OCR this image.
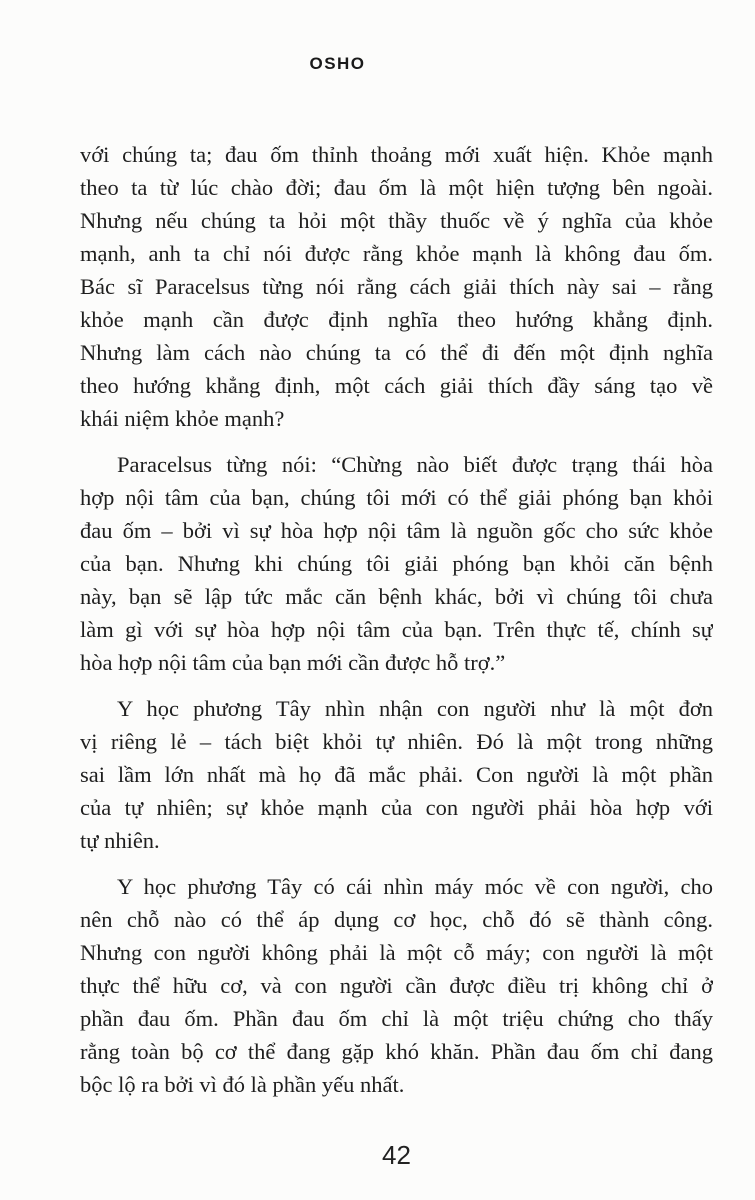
OSHO
với chúng ta; đau ốm thỉnh thoảng mới xuất hiện. Khỏe mạnh
theo ta từ lúc chào đời; đau ốm là một hiện tượng bên ngoài.
Nhưng nếu chúng ta hỏi một thầy thuốc về ý nghĩa của khỏe
mạnh, anh ta chỉ nói được rằng khỏe mạnh là không đau ốm.
Bác sĩ Paracelsus từng nói rằng cách giải thích này sai – rằng
khỏe mạnh cần được định nghĩa theo hướng khẳng định.
Nhưng làm cách nào chúng ta có thể đi đến một định nghĩa
theo hướng khẳng định, một cách giải thích đầy sáng tạo về
khái niệm khỏe mạnh?
Paracelsus từng nói: “Chừng nào biết được trạng thái hòa
hợp nội tâm của bạn, chúng tôi mới có thể giải phóng bạn khỏi
đau ốm – bởi vì sự hòa hợp nội tâm là nguồn gốc cho sức khỏe
của bạn. Nhưng khi chúng tôi giải phóng bạn khỏi căn bệnh
này, bạn sẽ lập tức mắc căn bệnh khác, bởi vì chúng tôi chưa
làm gì với sự hòa hợp nội tâm của bạn. Trên thực tế, chính sự
hòa hợp nội tâm của bạn mới cần được hỗ trợ.”
Y học phương Tây nhìn nhận con người như là một đơn
vị riêng lẻ – tách biệt khỏi tự nhiên. Đó là một trong những
sai lầm lớn nhất mà họ đã mắc phải. Con người là một phần
của tự nhiên; sự khỏe mạnh của con người phải hòa hợp với
tự nhiên.
Y học phương Tây có cái nhìn máy móc về con người, cho
nên chỗ nào có thể áp dụng cơ học, chỗ đó sẽ thành công.
Nhưng con người không phải là một cỗ máy; con người là một
thực thể hữu cơ, và con người cần được điều trị không chỉ ở
phần đau ốm. Phần đau ốm chỉ là một triệu chứng cho thấy
rằng toàn bộ cơ thể đang gặp khó khăn. Phần đau ốm chỉ đang
bộc lộ ra bởi vì đó là phần yếu nhất.
42
